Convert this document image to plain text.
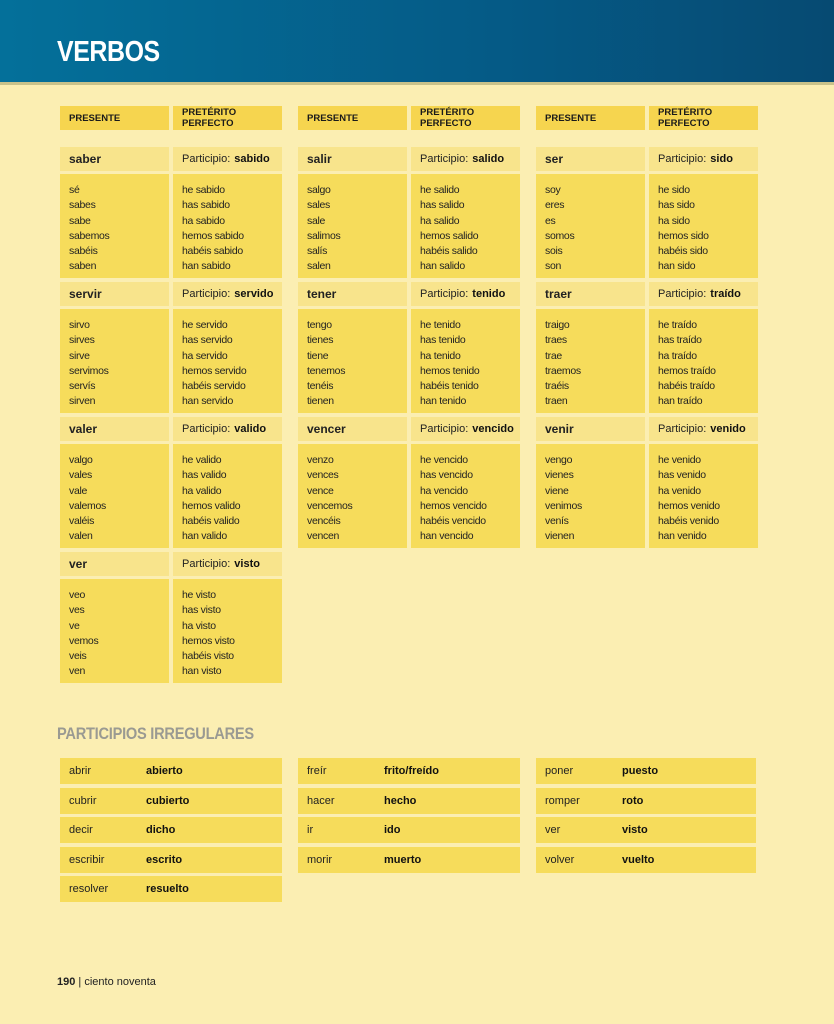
VERBOS
PRESENTE	PRETÉRITO PERFECTO
saber	Participio: sabido
sé
sabes
sabe
sabemos
sabéis
saben
he sabido
has sabido
ha sabido
hemos sabido
habéis sabido
han sabido
servir	Participio: servido
sirvo
sirves
sirve
servimos
servís
sirven
he servido
has servido
ha servido
hemos servido
habéis servido
han servido
valer	Participio: valido
valgo
vales
vale
valemos
valéis
valen
he valido
has valido
ha valido
hemos valido
habéis valido
han valido
ver	Participio: visto
veo
ves
ve
vemos
veis
ven
he visto
has visto
ha visto
hemos visto
habéis visto
han visto
PRESENTE	PRETÉRITO PERFECTO
salir	Participio: salido
salgo
sales
sale
salimos
salís
salen
he salido
has salido
ha salido
hemos salido
habéis salido
han salido
tener	Participio: tenido
tengo
tienes
tiene
tenemos
tenéis
tienen
he tenido
has tenido
ha tenido
hemos tenido
habéis tenido
han tenido
vencer	Participio: vencido
venzo
vences
vence
vencemos
vencéis
vencen
he vencido
has vencido
ha vencido
hemos vencido
habéis vencido
han vencido
PRESENTE	PRETÉRITO PERFECTO
ser	Participio: sido
soy
eres
es
somos
sois
son
he sido
has sido
ha sido
hemos sido
habéis sido
han sido
traer	Participio: traído
traigo
traes
trae
traemos
traéis
traen
he traído
has traído
ha traído
hemos traído
habéis traído
han traído
venir	Participio: venido
vengo
vienes
viene
venimos
venís
vienen
he venido
has venido
ha venido
hemos venido
habéis venido
han venido
PARTICIPIOS IRREGULARES
abrir	abierto
cubrir	cubierto
decir	dicho
escribir	escrito
resolver	resuelto
freír	frito/freído
hacer	hecho
ir	ido
morir	muerto
poner	puesto
romper	roto
ver	visto
volver	vuelto
190 | ciento noventa
